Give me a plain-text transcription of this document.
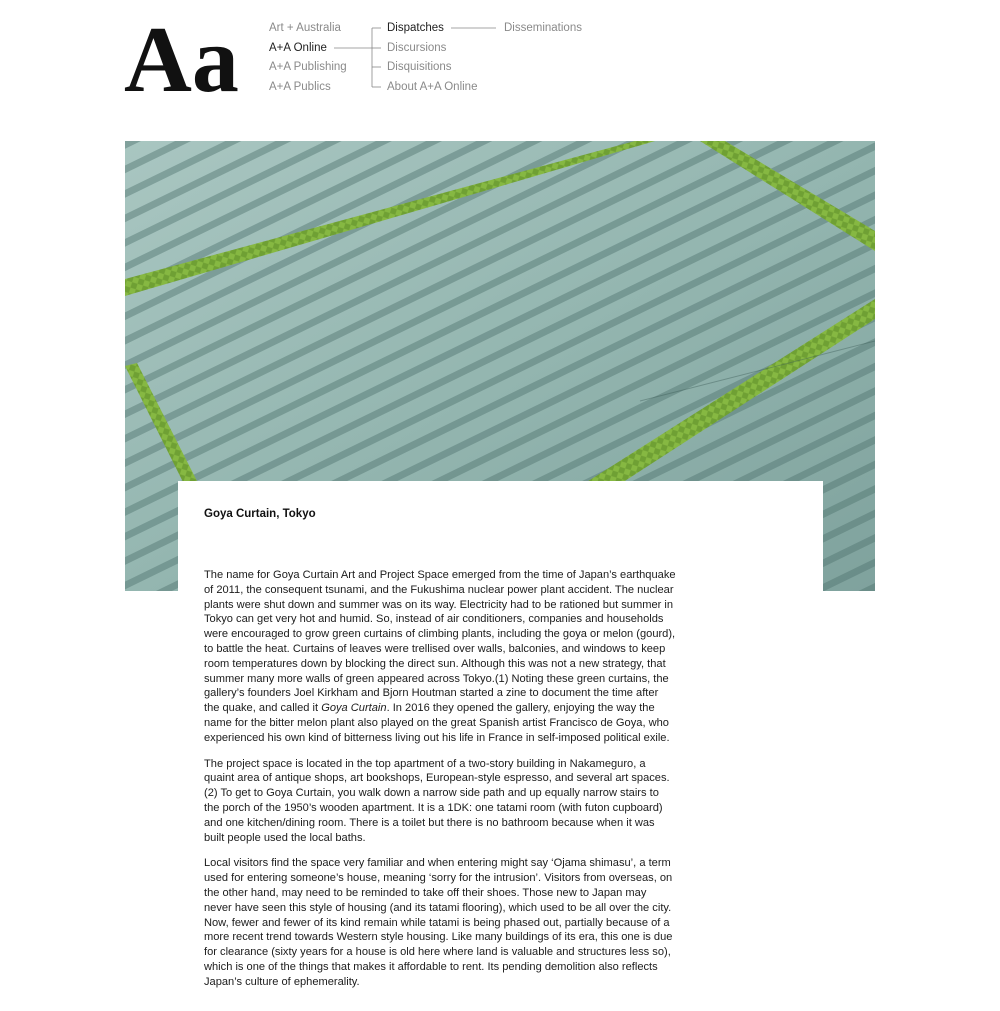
Aa	Art + Australia
A+A Online
A+A Publishing
A+A Publics
Dispatches
Discursions
Disquisitions
About A+A Online
Disseminations
Goya Curtain, Tokyo

The name for Goya Curtain Art and Project Space emerged from the time of Japan’s earthquake of 2011, the consequent tsunami, and the Fukushima nuclear power plant accident. The nuclear plants were shut down and summer was on its way. Electricity had to be rationed but summer in Tokyo can get very hot and humid. So, instead of air conditioners, companies and households were encouraged to grow green curtains of climbing plants, including the goya or melon (gourd), to battle the heat. Curtains of leaves were trellised over walls, balconies, and windows to keep room temperatures down by blocking the direct sun. Although this was not a new strategy, that summer many more walls of green appeared across Tokyo.(1) Noting these green curtains, the gallery’s founders Joel Kirkham and Bjorn Houtman started a zine to document the time after the quake, and called it Goya Curtain. In 2016 they opened the gallery, enjoying the way the name for the bitter melon plant also played on the great Spanish artist Francisco de Goya, who experienced his own kind of bitterness living out his life in France in self-imposed political exile.

The project space is located in the top apartment of a two-story building in Nakameguro, a quaint area of antique shops, art bookshops, European-style espresso, and several art spaces.(2) To get to Goya Curtain, you walk down a narrow side path and up equally narrow stairs to the porch of the 1950’s wooden apartment. It is a 1DK: one tatami room (with futon cupboard) and one kitchen/dining room. There is a toilet but there is no bathroom because when it was built people used the local baths.

Local visitors find the space very familiar and when entering might say ‘Ojama shimasu’, a term used for entering someone’s house, meaning ‘sorry for the intrusion’. Visitors from overseas, on the other hand, may need to be reminded to take off their shoes. Those new to Japan may never have seen this style of housing (and its tatami flooring), which used to be all over the city. Now, fewer and fewer of its kind remain while tatami is being phased out, partially because of a more recent trend towards Western style housing. Like many buildings of its era, this one is due for clearance (sixty years for a house is old here where land is valuable and structures less so), which is one of the things that makes it affordable to rent. Its pending demolition also reflects Japan’s culture of ephemerality.
